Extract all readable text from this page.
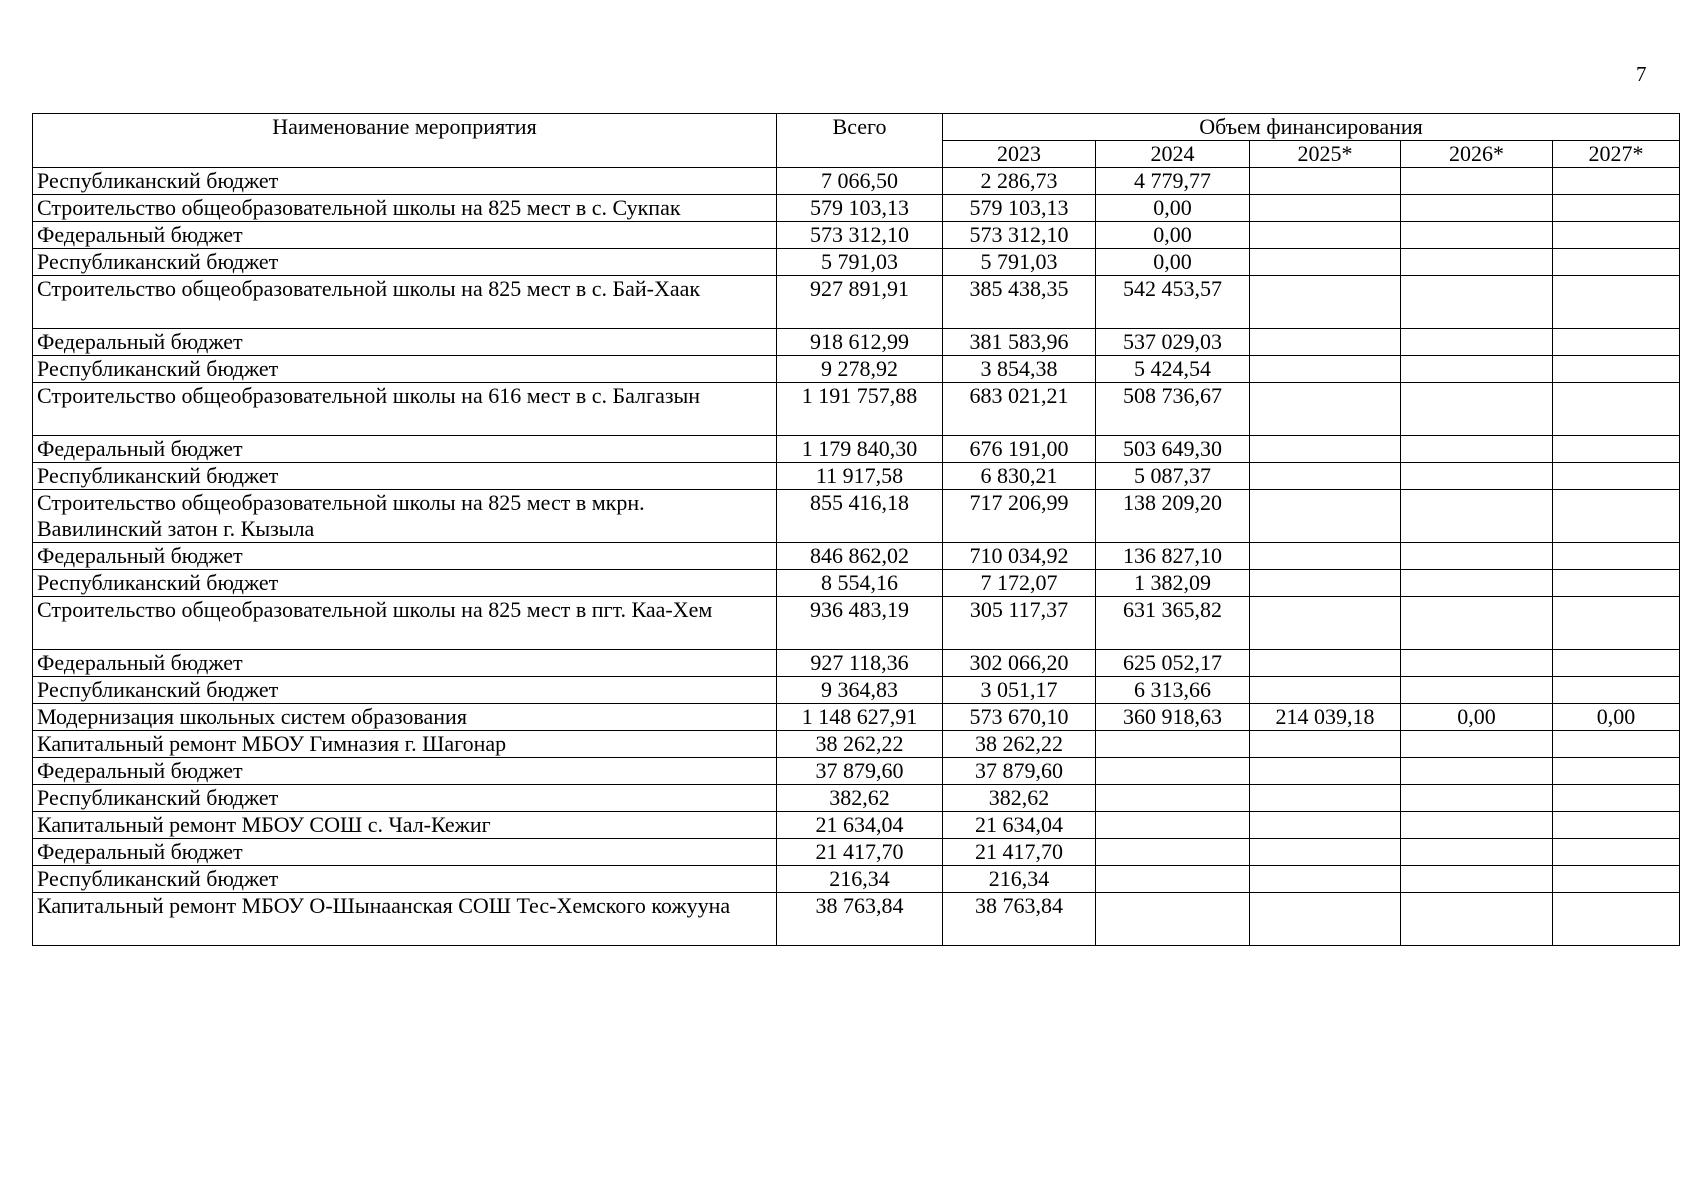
7
Наименование мероприятия	Всего	Объем финансирования				
		2023	2024	2025*	2026*	2027*
Республиканский бюджет	7 066,50	2 286,73	4 779,77			
Строительство общеобразовательной школы на 825 мест в с. Сукпак	579 103,13	579 103,13	0,00			
Федеральный бюджет	573 312,10	573 312,10	0,00			
Республиканский бюджет	5 791,03	5 791,03	0,00			
Строительство общеобразовательной школы на 825 мест в с. Бай-Хаак	927 891,91	385 438,35	542 453,57			
Федеральный бюджет	918 612,99	381 583,96	537 029,03			
Республиканский бюджет	9 278,92	3 854,38	5 424,54			
Строительство общеобразовательной школы на 616 мест в с. Балгазын	1 191 757,88	683 021,21	508 736,67			
Федеральный бюджет	1 179 840,30	676 191,00	503 649,30			
Республиканский бюджет	11 917,58	6 830,21	5 087,37			
Строительство общеобразовательной школы на 825 мест в мкрн. Вавилинский затон г. Кызыла	855 416,18	717 206,99	138 209,20			
Федеральный бюджет	846 862,02	710 034,92	136 827,10			
Республиканский бюджет	8 554,16	7 172,07	1 382,09			
Строительство общеобразовательной школы на 825 мест в пгт. Каа-Хем	936 483,19	305 117,37	631 365,82			
Федеральный бюджет	927 118,36	302 066,20	625 052,17			
Республиканский бюджет	9 364,83	3 051,17	6 313,66			
Модернизация школьных систем образования	1 148 627,91	573 670,10	360 918,63	214 039,18	0,00	0,00
Капитальный ремонт МБОУ Гимназия г. Шагонар	38 262,22	38 262,22				
Федеральный бюджет	37 879,60	37 879,60				
Республиканский бюджет	382,62	382,62				
Капитальный ремонт МБОУ СОШ с. Чал-Кежиг	21 634,04	21 634,04				
Федеральный бюджет	21 417,70	21 417,70				
Республиканский бюджет	216,34	216,34				
Капитальный ремонт МБОУ О-Шынаанская СОШ Тес-Хемского кожууна	38 763,84	38 763,84				
